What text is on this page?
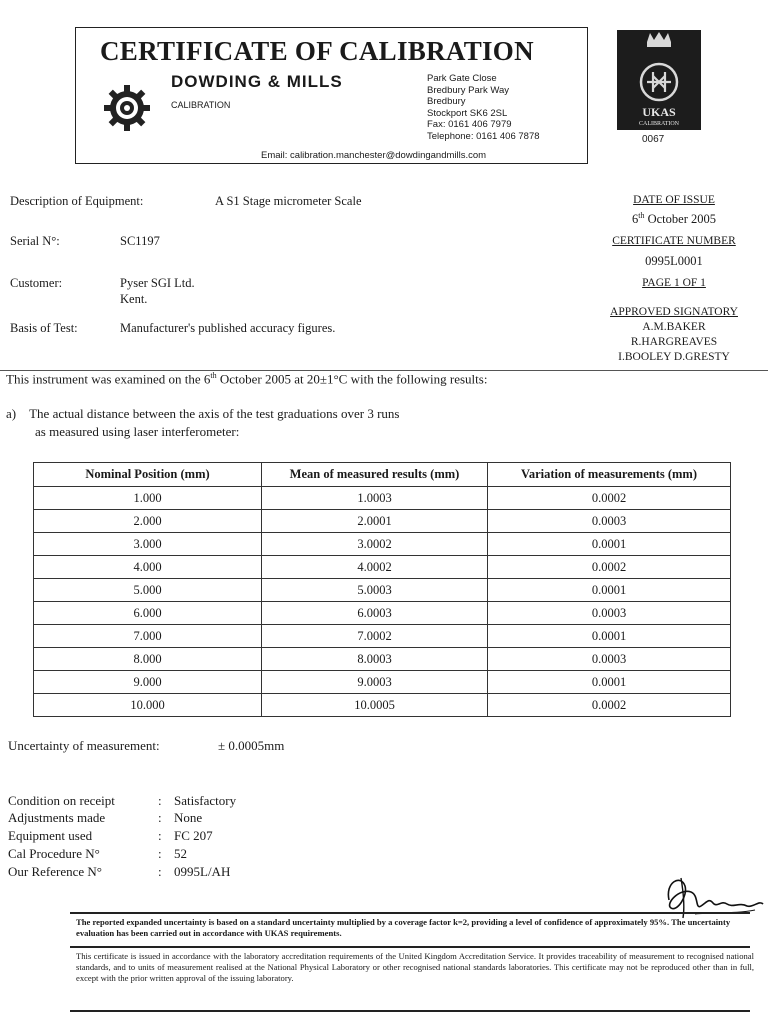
CERTIFICATE OF CALIBRATION
DOWDING & MILLS
CALIBRATION
Park Gate Close
Bredbury Park Way
Bredbury
Stockport SK6 2SL
Fax: 0161 406 7979
Telephone: 0161 406 7878
Email: calibration.manchester@dowdingandmills.com
UKAS
CALIBRATION
0067
Description of Equipment:	A S1 Stage micrometer Scale
Serial N°:	SC1197
Customer:	Pyser SGI Ltd.
Kent.
Basis of Test:	Manufacturer's published accuracy figures.
DATE OF ISSUE
6th October 2005
CERTIFICATE NUMBER
0995L0001
PAGE 1 OF 1
APPROVED SIGNATORY
A.M.BAKER
R.HARGREAVES
I.BOOLEY D.GRESTY
This instrument was examined on the 6th October 2005 at 20±1°C with the following results:
a) The actual distance between the axis of the test graduations over 3 runs
as measured using laser interferometer:
Nominal Position (mm)	Mean of measured results (mm)	Variation of measurements (mm)
1.000	1.0003	0.0002
2.000	2.0001	0.0003
3.000	3.0002	0.0001
4.000	4.0002	0.0002
5.000	5.0003	0.0001
6.000	6.0003	0.0003
7.000	7.0002	0.0001
8.000	8.0003	0.0003
9.000	9.0003	0.0001
10.000	10.0005	0.0002
Uncertainty of measurement:	± 0.0005mm
Condition on receipt	: Satisfactory
Adjustments made	: None
Equipment used	: FC 207
Cal Procedure N°	: 52
Our Reference N°	: 0995L/AH
The reported expanded uncertainty is based on a standard uncertainty multiplied by a coverage factor k=2, providing a level of confidence of approximately 95%. The uncertainty evaluation has been carried out in accordance with UKAS requirements.
This certificate is issued in accordance with the laboratory accreditation requirements of the United Kingdom Accreditation Service. It provides traceability of measurement to recognised national standards, and to units of measurement realised at the National Physical Laboratory or other recognised national standards laboratories. This certificate may not be reproduced other than in full, except with the prior written approval of the issuing laboratory.
